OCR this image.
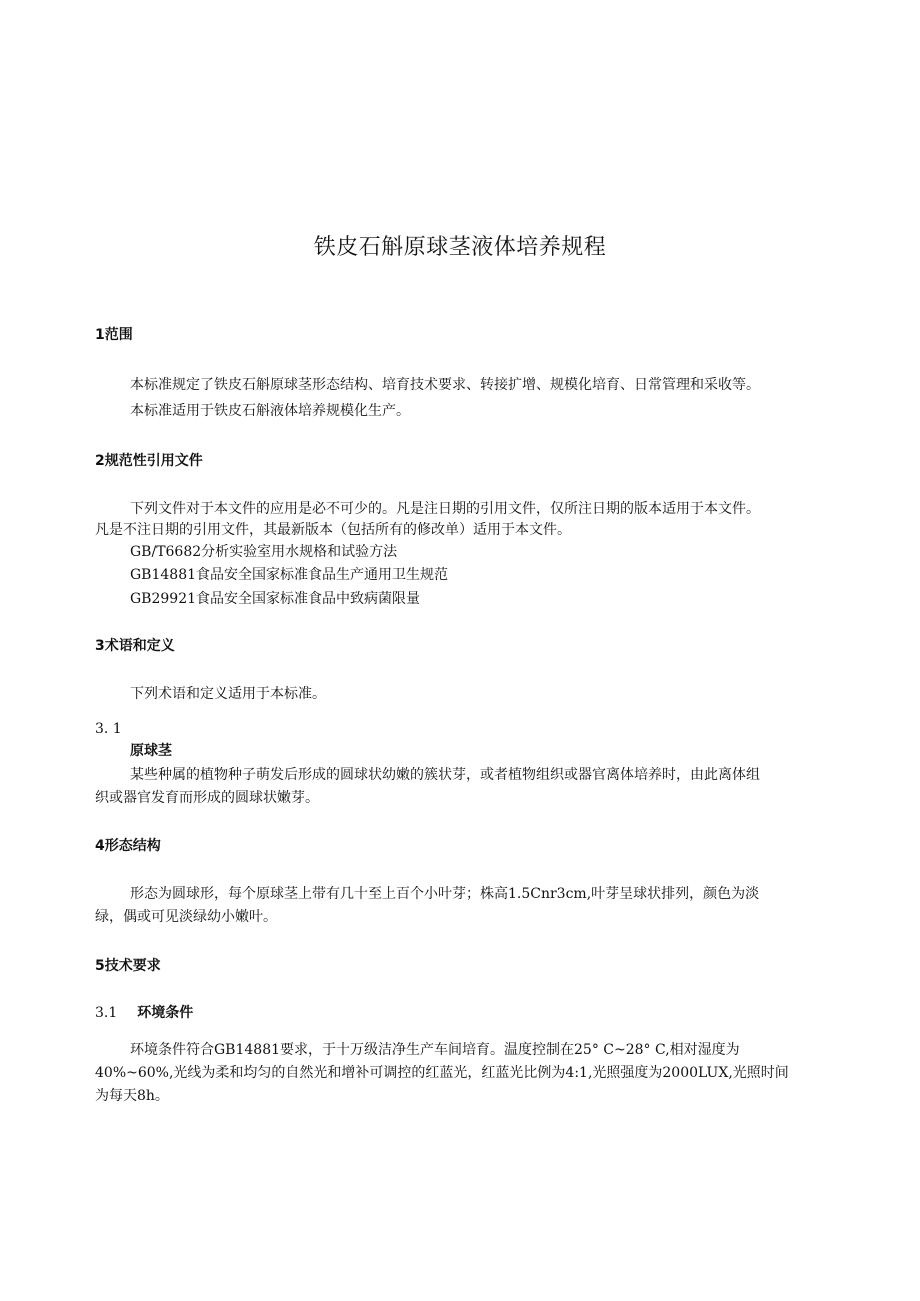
铁皮石斛原球茎液体培养规程
1范围
本标准规定了铁皮石斛原球茎形态结构、培育技术要求、转接扩增、规模化培育、日常管理和采收等。
本标准适用于铁皮石斛液体培养规模化生产。
2规范性引用文件
下列文件对于本文件的应用是必不可少的。凡是注日期的引用文件，仅所注日期的版本适用于本文件。
凡是不注日期的引用文件，其最新版本（包括所有的修改单）适用于本文件。
GB/T6682分析实验室用水规格和试验方法
GB14881食品安全国家标准食品生产通用卫生规范
GB29921食品安全国家标准食品中致病菌限量
3术语和定义
下列术语和定义适用于本标准。
3. 1
原球茎
某些种属的植物种子萌发后形成的圆球状幼嫩的簇状芽，或者植物组织或器官离体培养时，由此离体组
织或器官发育而形成的圆球状嫩芽。
4形态结构
形态为圆球形，每个原球茎上带有几十至上百个小叶芽；株高1.5Cnr3cm,叶芽呈球状排列，颜色为淡
绿，偶或可见淡绿幼小嫩叶。
5技术要求
3.1 环境条件
环境条件符合GB14881要求，于十万级洁净生产车间培育。温度控制在25° C~28° C,相对湿度为
40%~60%,光线为柔和均匀的自然光和增补可调控的红蓝光，红蓝光比例为4:1,光照强度为2000LUX,光照时间
为每天8h。
